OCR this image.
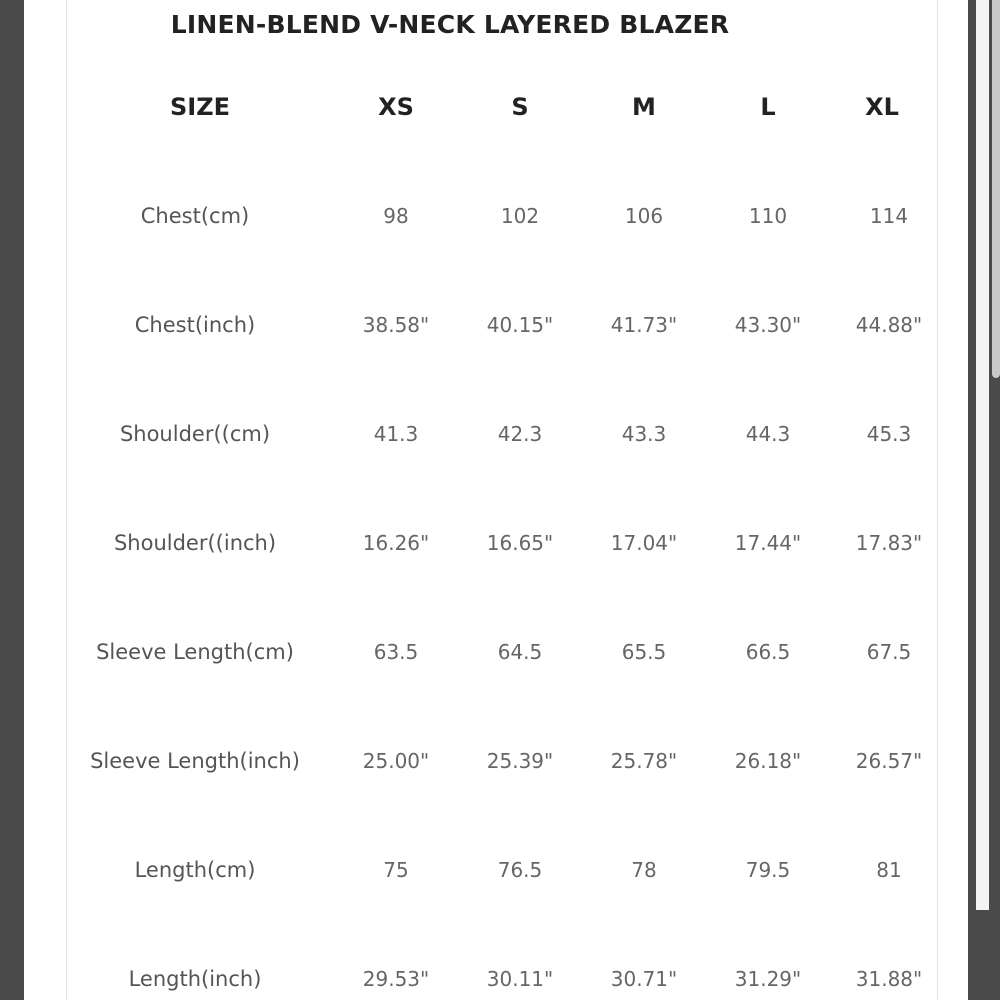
LINEN-BLEND V-NECK LAYERED BLAZER
SIZE	XS	S	M	L	XL
Chest(cm)	98	102	106	110	114
Chest(inch)	38.58"	40.15"	41.73"	43.30"	44.88"
Shoulder((cm)	41.3	42.3	43.3	44.3	45.3
Shoulder((inch)	16.26"	16.65"	17.04"	17.44"	17.83"
Sleeve Length(cm)	63.5	64.5	65.5	66.5	67.5
Sleeve Length(inch)	25.00"	25.39"	25.78"	26.18"	26.57"
Length(cm)	75	76.5	78	79.5	81
Length(inch)	29.53"	30.11"	30.71"	31.29"	31.88"
